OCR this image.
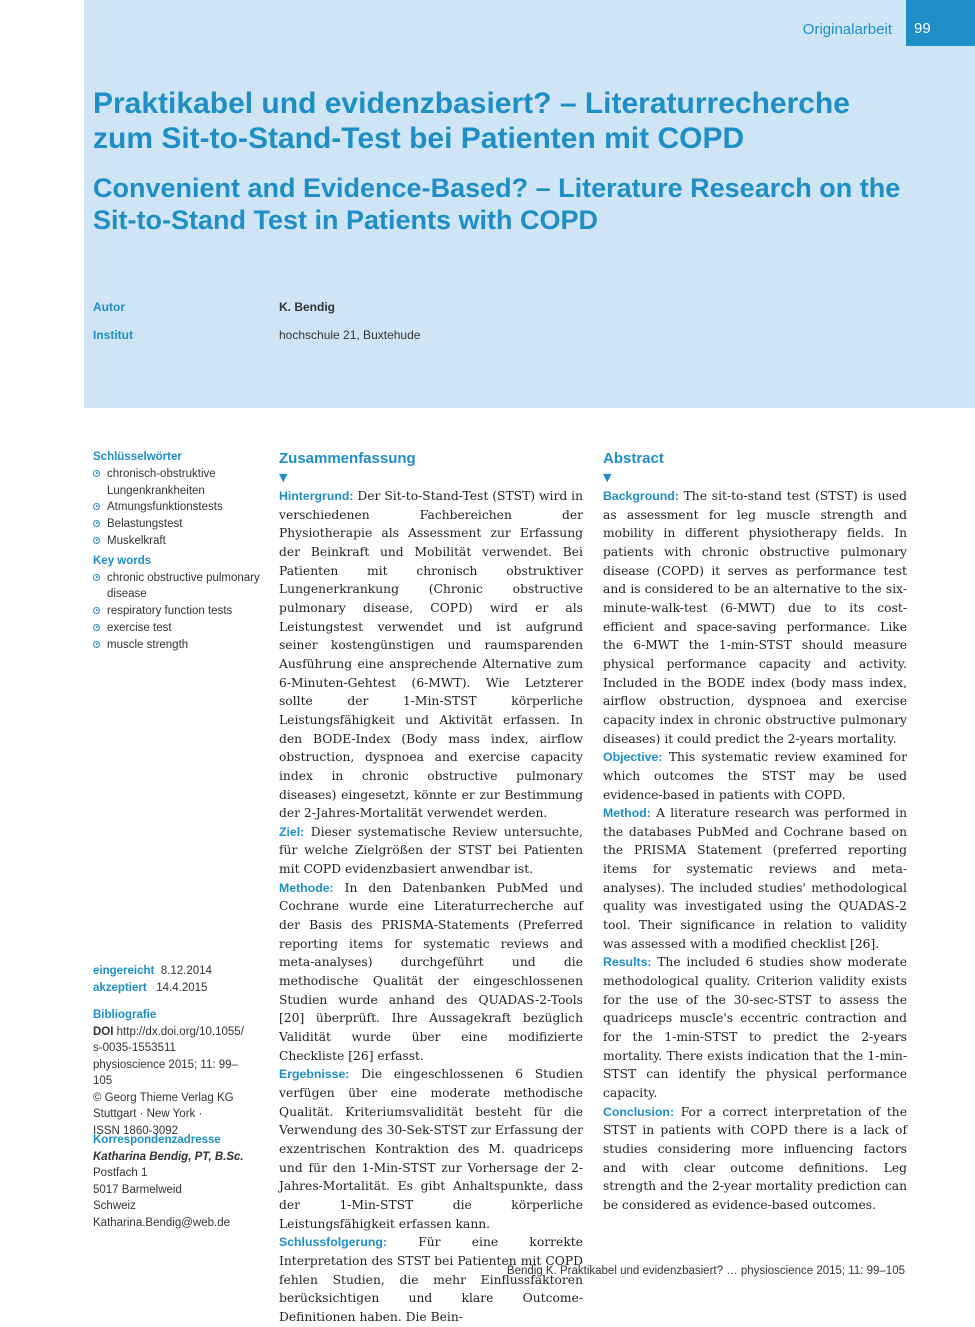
Originalarbeit 99
Praktikabel und evidenzbasiert? – Literaturrecherche zum Sit-to-Stand-Test bei Patienten mit COPD
Convenient and Evidence-Based? – Literature Research on the Sit-to-Stand Test in Patients with COPD
Autor	K. Bendig
Institut	hochschule 21, Buxtehude
Schlüsselwörter
chronisch-obstruktive Lungenkrankheiten
Atmungsfunktionstests
Belastungstest
Muskelkraft
Key words
chronic obstructive pulmonary disease
respiratory function tests
exercise test
muscle strength
eingereicht 8.12.2014
akzeptiert 14.4.2015
Bibliografie
DOI http://dx.doi.org/10.1055/s-0035-1553511
physioscience 2015; 11: 99–105
© Georg Thieme Verlag KG Stuttgart · New York ·
ISSN 1860-3092
Korrespondenzadresse
Katharina Bendig, PT, B.Sc.
Postfach 1
5017 Barmelweid
Schweiz
Katharina.Bendig@web.de
Zusammenfassung
▼
Hintergrund: Der Sit-to-Stand-Test (STST) wird in verschiedenen Fachbereichen der Physiotherapie als Assessment zur Erfassung der Beinkraft und Mobilität verwendet. Bei Patienten mit chronisch obstruktiver Lungenerkrankung (Chronic obstructive pulmonary disease, COPD) wird er als Leistungstest verwendet und ist aufgrund seiner kostengünstigen und raumsparenden Ausführung eine ansprechende Alternative zum 6-Minuten-Gehtest (6-MWT). Wie Letzterer sollte der 1-Min-STST körperliche Leistungsfähigkeit und Aktivität erfassen. In den BODE-Index (Body mass index, airflow obstruction, dyspnoea and exercise capacity index in chronic obstructive pulmonary diseases) eingesetzt, könnte er zur Bestimmung der 2-Jahres-Mortalität verwendet werden.
Ziel: Dieser systematische Review untersuchte, für welche Zielgrößen der STST bei Patienten mit COPD evidenzbasiert anwendbar ist.
Methode: In den Datenbanken PubMed und Cochrane wurde eine Literaturrecherche auf der Basis des PRISMA-Statements (Preferred reporting items for systematic reviews and meta-analyses) durchgeführt und die methodische Qualität der eingeschlossenen Studien wurde anhand des QUADAS-2-Tools [20] überprüft. Ihre Aussagekraft bezüglich Validität wurde über eine modifizierte Checkliste [26] erfasst.
Ergebnisse: Die eingeschlossenen 6 Studien verfügen über eine moderate methodische Qualität. Kriteriumsvalidität besteht für die Verwendung des 30-Sek-STST zur Erfassung der exzentrischen Kontraktion des M. quadriceps und für den 1-Min-STST zur Vorhersage der 2-Jahres-Mortalität. Es gibt Anhaltspunkte, dass der 1-Min-STST die körperliche Leistungsfähigkeit erfassen kann.
Schlussfolgerung:	Für eine korrekte Interpretation des STST bei Patienten mit COPD fehlen Studien, die mehr Einflussfaktoren berücksichtigen und klare Outcome-Definitionen haben. Die Bein-
Abstract
▼
Background: The sit-to-stand test (STST) is used as assessment for leg muscle strength and mobility in different physiotherapy fields. In patients with chronic obstructive pulmonary disease (COPD) it serves as performance test and is considered to be an alternative to the six-minute-walk-test (6-MWT) due to its cost-efficient and space-saving performance. Like the 6-MWT the 1-min-STST should measure physical performance capacity and activity. Included in the BODE index (body mass index, airflow obstruction, dyspnoea and exercise capacity index in chronic obstructive pulmonary diseases) it could predict the 2-years mortality.
Objective: This systematic review examined for which outcomes the STST may be used evidence-based in patients with COPD.
Method: A literature research was performed in the databases PubMed and Cochrane based on the PRISMA Statement (preferred reporting items for systematic reviews and meta-analyses). The included studies' methodological quality was investigated using the QUADAS-2 tool. Their significance in relation to validity was assessed with a modified checklist [26].
Results: The included 6 studies show moderate methodological quality. Criterion validity exists for the use of the 30-sec-STST to assess the quadriceps muscle's eccentric contraction and for the 1-min-STST to predict the 2-years mortality. There exists indication that the 1-min-STST can identify the physical performance capacity.
Conclusion: For a correct interpretation of the STST in patients with COPD there is a lack of studies considering more influencing factors and with clear outcome definitions. Leg strength and the 2-year mortality prediction can be considered as evidence-based outcomes.
Bendig K. Praktikabel und evidenzbasiert? … physioscience 2015; 11: 99–105
